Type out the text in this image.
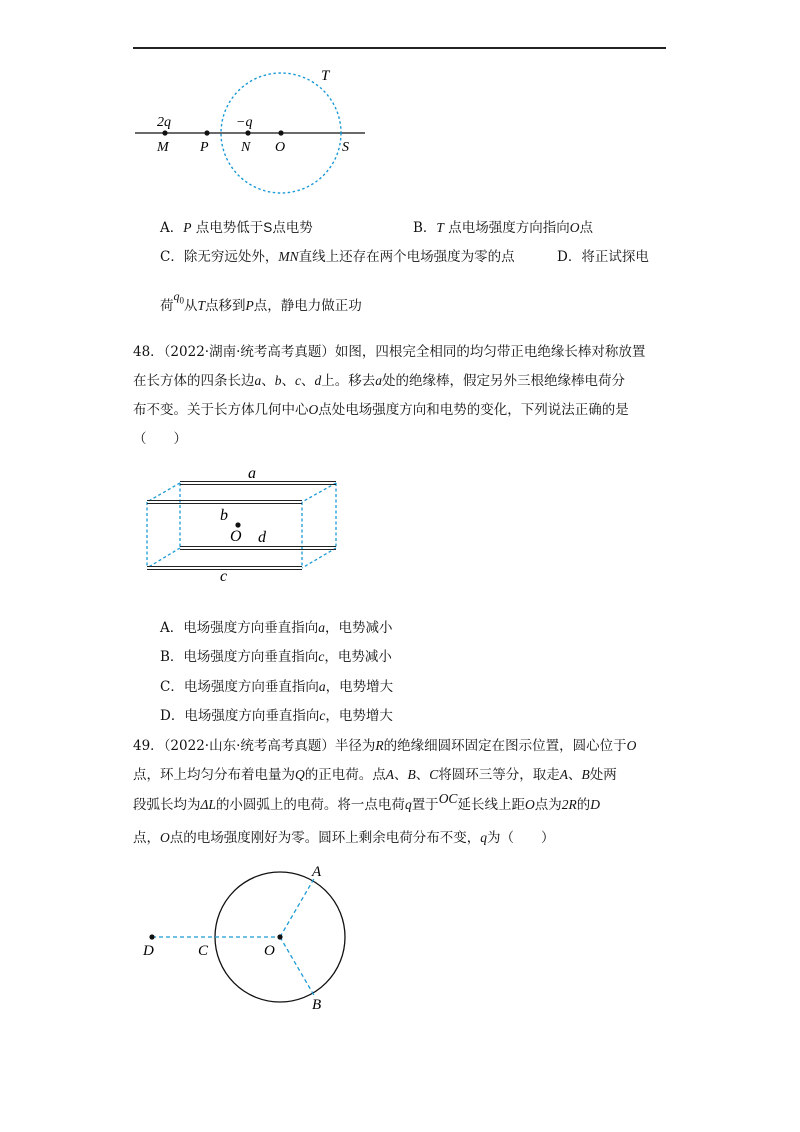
T
2q	−q
M P N O	S
A．P 点电势低于S点电势	B．T 点电场强度方向指向O点
C．除无穷远处外，MN直线上还存在两个电场强度为零的点	D．将正试探电
荷$q_0$从T点移到P点，静电力做正功
48．（2022·湖南·统考高考真题）如图，四根完全相同的均匀带正电绝缘长棒对称放置
在长方体的四条长边a、b、c、d上。移去a处的绝缘棒，假定另外三根绝缘棒电荷分
布不变。关于长方体几何中心O点处电场强度方向和电势的变化，下列说法正确的是
（　　）
a
b
O d
c
A．电场强度方向垂直指向a，电势减小
B．电场强度方向垂直指向c，电势减小
C．电场强度方向垂直指向a，电势增大
D．电场强度方向垂直指向c，电势增大
49．（2022·山东·统考高考真题）半径为R的绝缘细圆环固定在图示位置，圆心位于O
点，环上均匀分布着电量为Q的正电荷。点A、B、C将圆环三等分，取走A、B处两
段弧长均为ΔL的小圆弧上的电荷。将一点电荷q置于OC延长线上距O点为2R的D
点，O点的电场强度刚好为零。圆环上剩余电荷分布不变，q为（　　）
A
B
C	O
D
